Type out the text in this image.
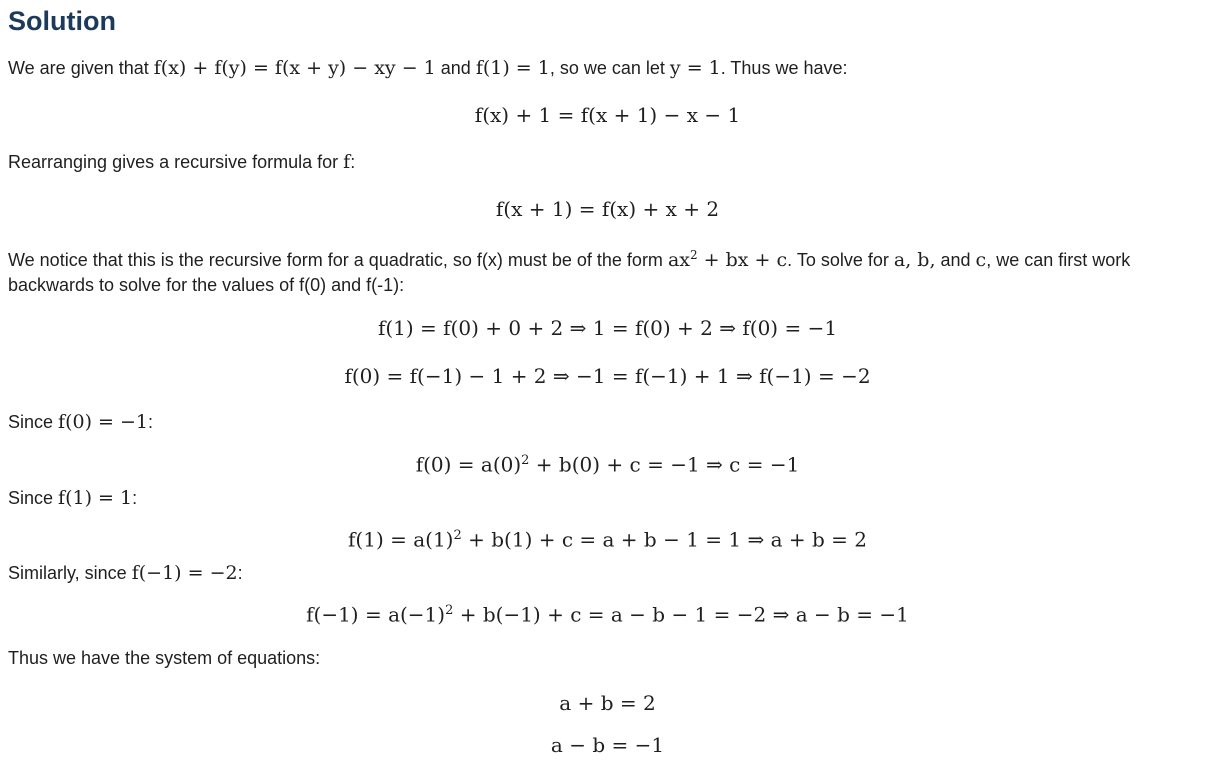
Solution

We are given that f(x) + f(y) = f(x + y) − xy − 1 and f(1) = 1, so we can let y = 1. Thus we have:

f(x) + 1 = f(x + 1) − x − 1

Rearranging gives a recursive formula for f:

f(x + 1) = f(x) + x + 2

We notice that this is the recursive form for a quadratic, so f(x) must be of the form $ax^2$ + bx + c. To solve for a, b, and c, we can first work
backwards to solve for the values of f(0) and f(-1):

f(1) = f(0) + 0 + 2 ⇒ 1 = f(0) + 2 ⇒ f(0) = −1
f(0) = f(−1) − 1 + 2 ⇒ −1 = f(−1) + 1 ⇒ f(−1) = −2

Since f(0) = −1:

$f(0) = a(0)^2 + b(0) + c = -1$ ⇒ c = −1

Since f(1) = 1:

$f(1) = a(1)^2 + b(1) + c = a + b - 1 = 1$ ⇒ a + b = 2

Similarly, since f(−1) = −2:

$f(-1) = a(-1)^2 + b(-1) + c = a - b - 1 = -2$ ⇒ a − b = −1

Thus we have the system of equations:

a + b = 2
a − b = −1
